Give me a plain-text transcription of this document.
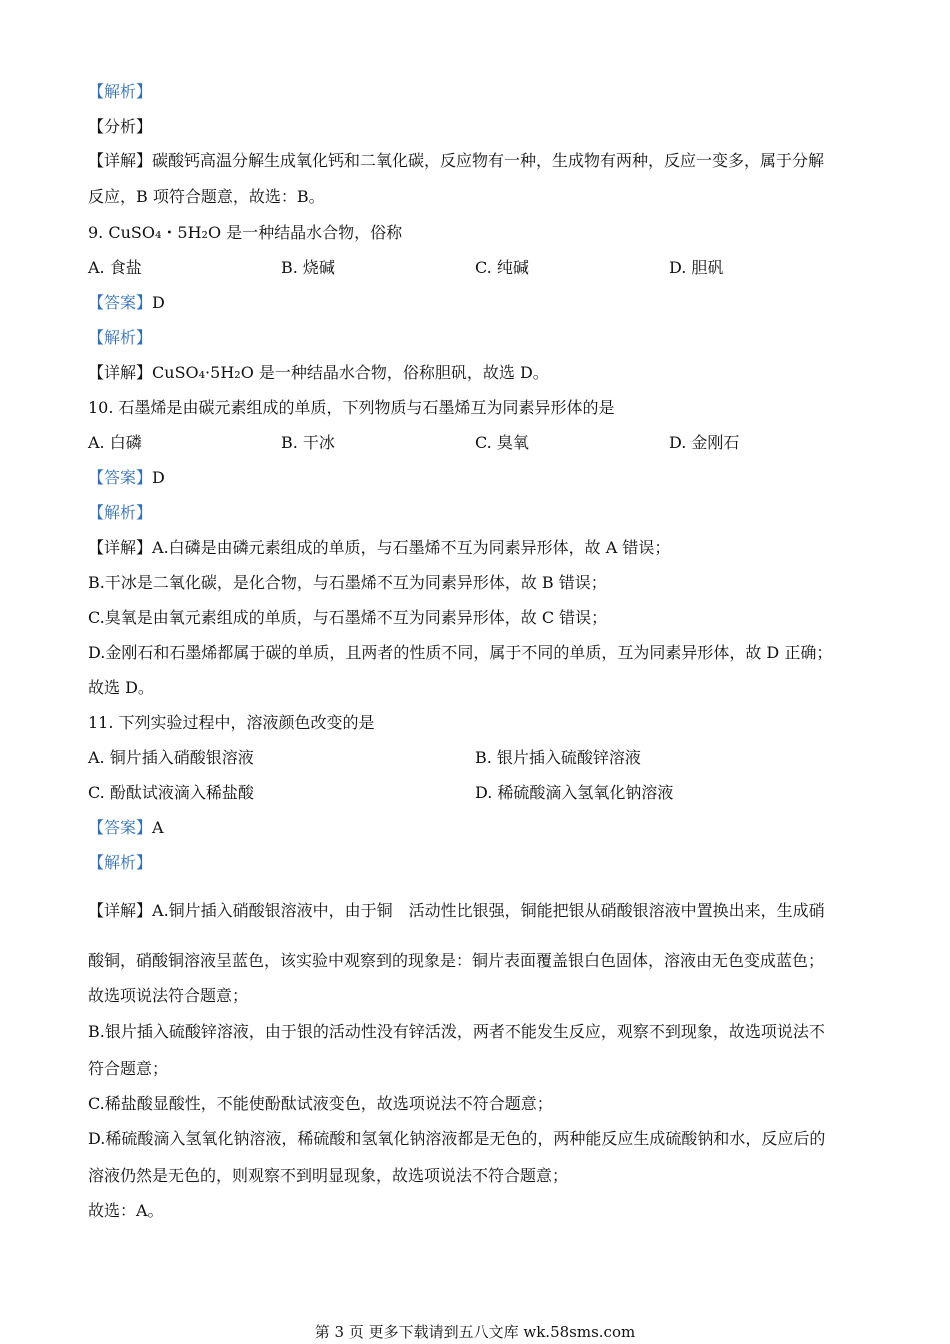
【解析】
【分析】
【详解】碳酸钙高温分解生成氧化钙和二氧化碳，反应物有一种，生成物有两种，反应一变多，属于分解
反应，B 项符合题意，故选：B。
9. CuSO₄・5H₂O 是一种结晶水合物，俗称
A. 食盐	B. 烧碱	C. 纯碱	D. 胆矾
【答案】D
【解析】
【详解】CuSO₄·5H₂O 是一种结晶水合物，俗称胆矾，故选 D。
10. 石墨烯是由碳元素组成的单质，下列物质与石墨烯互为同素异形体的是
A. 白磷	B. 干冰	C. 臭氧	D. 金刚石
【答案】D
【解析】
【详解】A.白磷是由磷元素组成的单质，与石墨烯不互为同素异形体，故 A 错误；
B.干冰是二氧化碳，是化合物，与石墨烯不互为同素异形体，故 B 错误；
C.臭氧是由氧元素组成的单质，与石墨烯不互为同素异形体，故 C 错误；
D.金刚石和石墨烯都属于碳的单质，且两者的性质不同，属于不同的单质，互为同素异形体，故 D 正确；
故选 D。
11. 下列实验过程中，溶液颜色改变的是
A. 铜片插入硝酸银溶液	B. 银片插入硫酸锌溶液
C. 酚酞试液滴入稀盐酸	D. 稀硫酸滴入氢氧化钠溶液
【答案】A
【解析】
【详解】A.铜片插入硝酸银溶液中，由于铜　活动性比银强，铜能把银从硝酸银溶液中置换出来，生成硝
酸铜，硝酸铜溶液呈蓝色，该实验中观察到的现象是：铜片表面覆盖银白色固体，溶液由无色变成蓝色；
故选项说法符合题意；
B.银片插入硫酸锌溶液，由于银的活动性没有锌活泼，两者不能发生反应，观察不到现象，故选项说法不
符合题意；
C.稀盐酸显酸性，不能使酚酞试液变色，故选项说法不符合题意；
D.稀硫酸滴入氢氧化钠溶液，稀硫酸和氢氧化钠溶液都是无色的，两种能反应生成硫酸钠和水，反应后的
溶液仍然是无色的，则观察不到明显现象，故选项说法不符合题意；
故选：A。
第 3 页 更多下载请到五八文库 wk.58sms.com
